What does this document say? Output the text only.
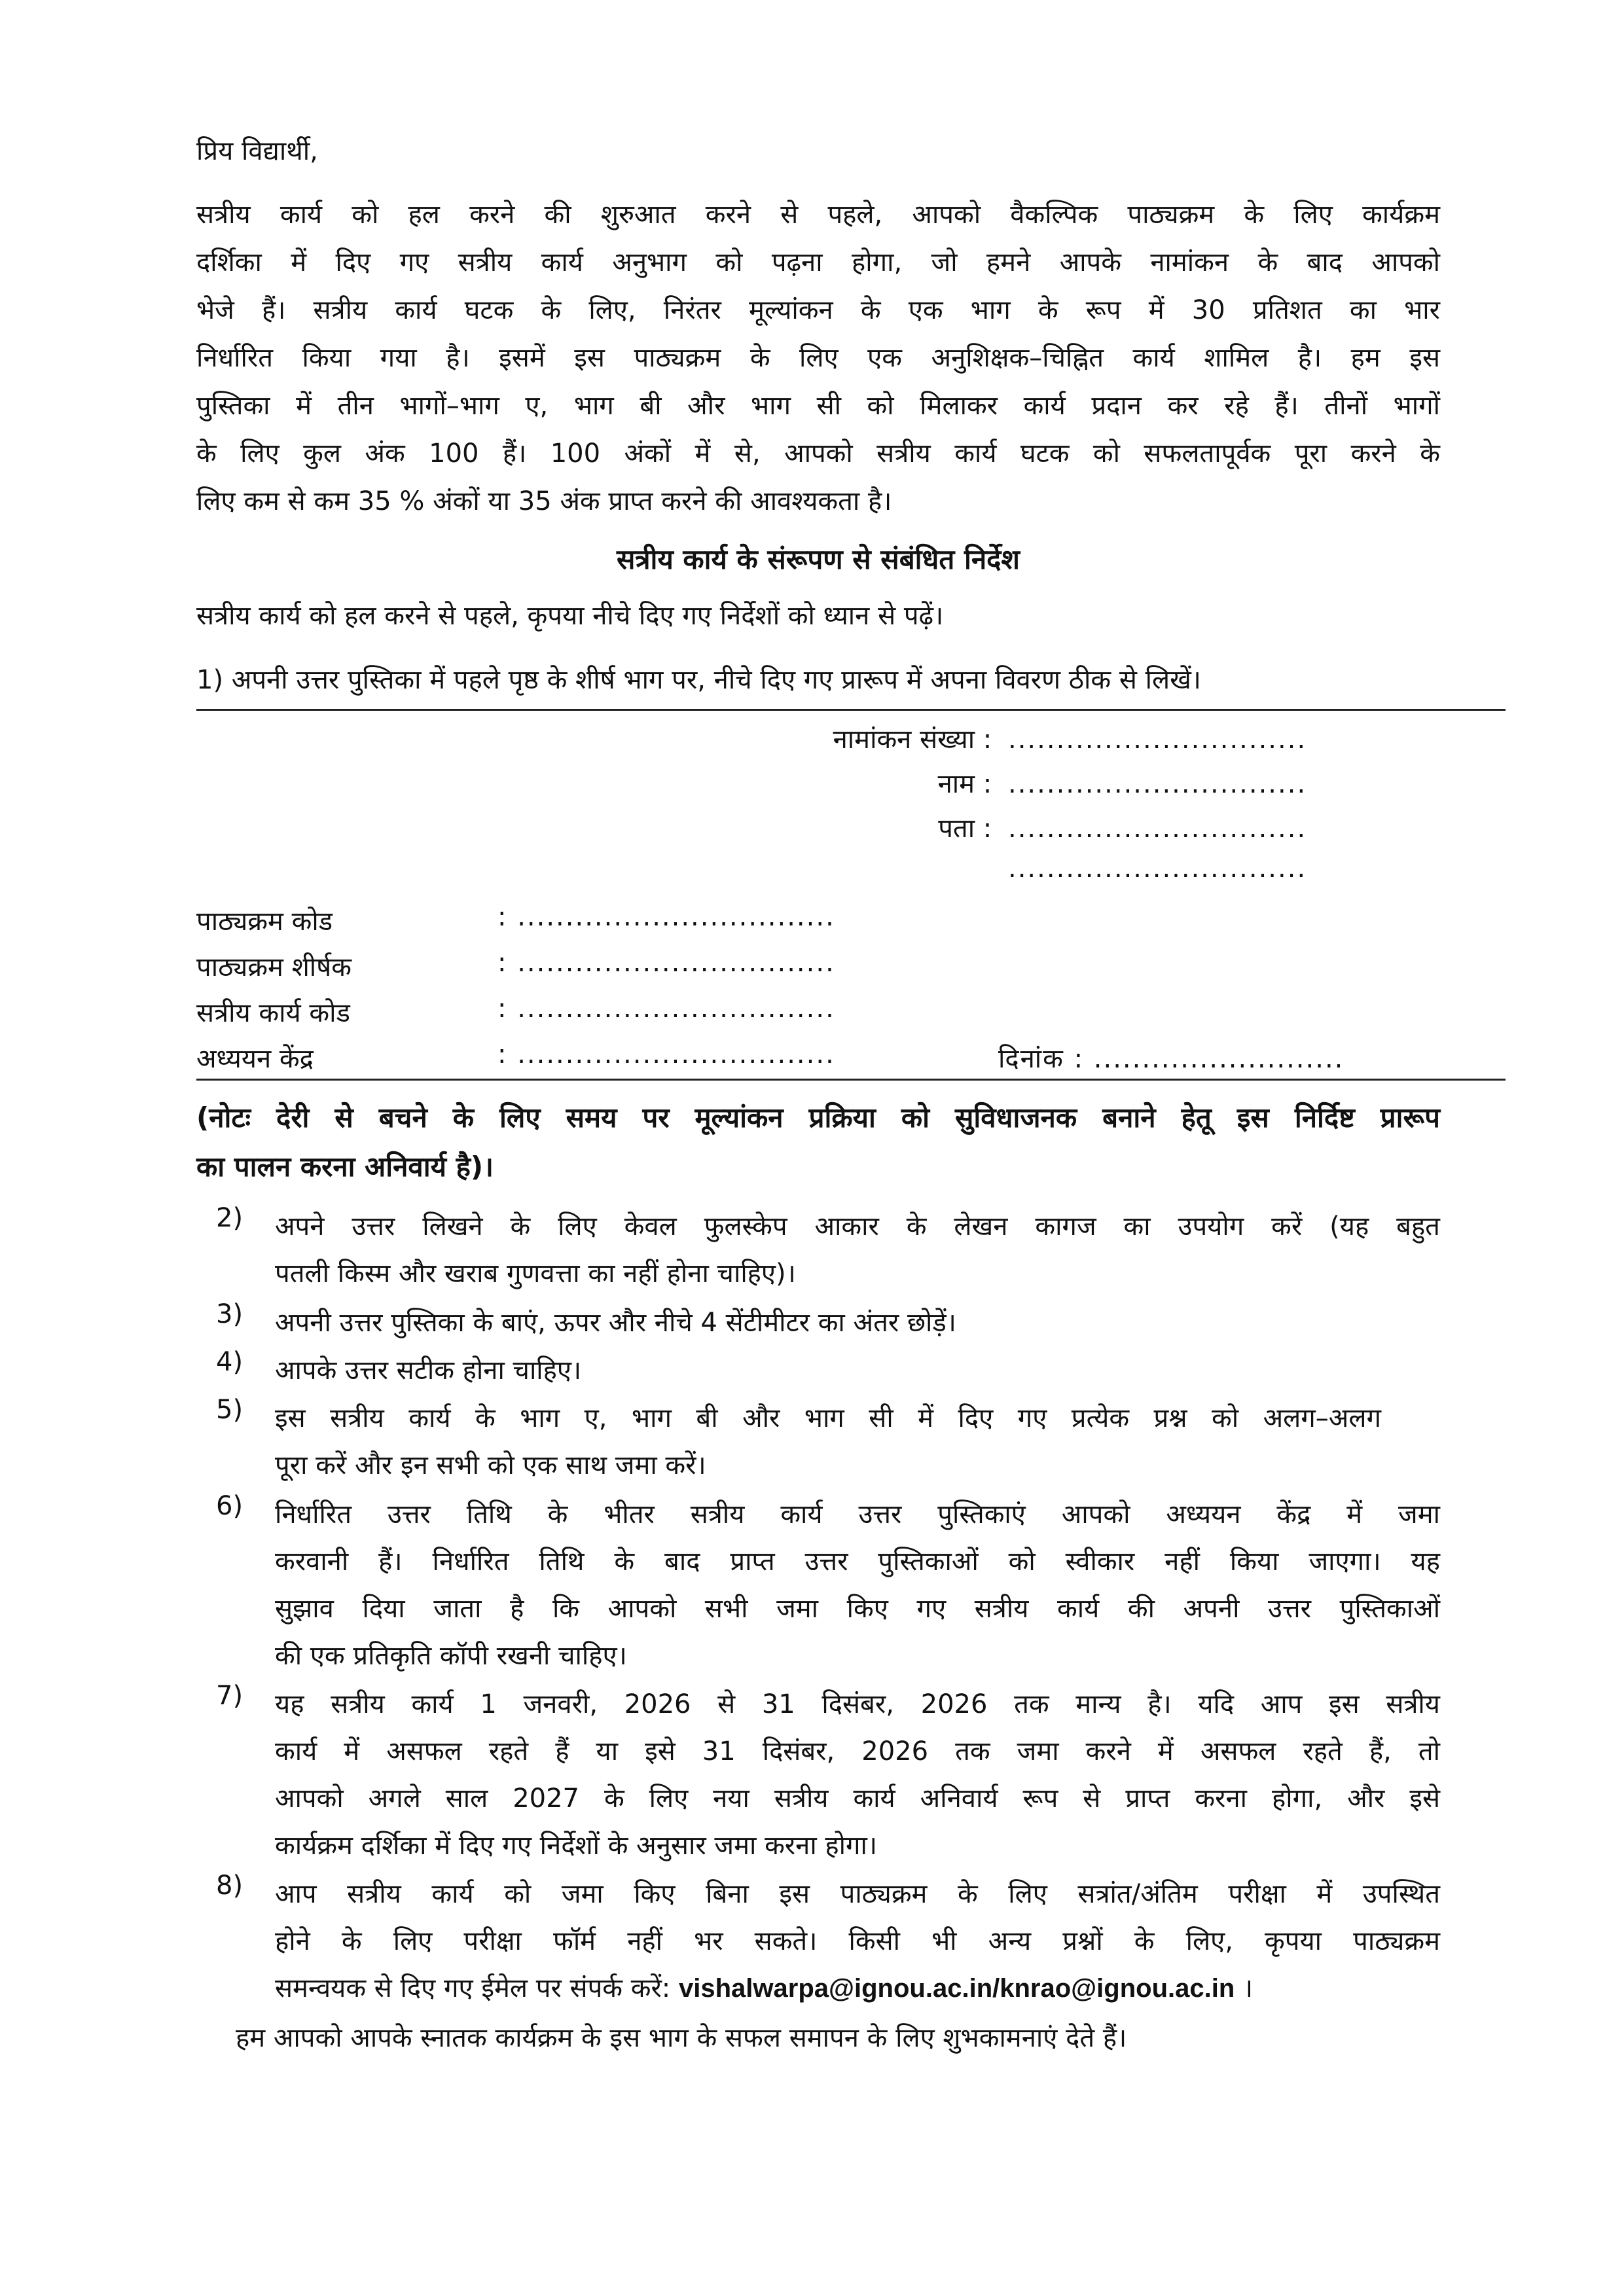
प्रिय विद्यार्थी,
सत्रीय कार्य को हल करने की शुरुआत करने से पहले, आपको वैकल्पिक पाठ्यक्रम के लिए कार्यक्रम
दर्शिका में दिए गए सत्रीय कार्य अनुभाग को पढ़ना होगा, जो हमने आपके नामांकन के बाद आपको
भेजे हैं। सत्रीय कार्य घटक के लिए, निरंतर मूल्यांकन के एक भाग के रूप में 30 प्रतिशत का भार
निर्धारित किया गया है। इसमें इस पाठ्यक्रम के लिए एक अनुशिक्षक–चिह्नित कार्य शामिल है। हम इस
पुस्तिका में तीन भागों–भाग ए, भाग बी और भाग सी को मिलाकर कार्य प्रदान कर रहे हैं। तीनों भागों
के लिए कुल अंक 100 हैं। 100 अंकों में से, आपको सत्रीय कार्य घटक को सफलतापूर्वक पूरा करने के
लिए कम से कम 35 % अंकों या 35 अंक प्राप्त करने की आवश्यकता है।
सत्रीय कार्य के संरूपण से संबंधित निर्देश
सत्रीय कार्य को हल करने से पहले, कृपया नीचे दिए गए निर्देशों को ध्यान से पढ़ें।
1) अपनी उत्तर पुस्तिका में पहले पृष्ठ के शीर्ष भाग पर, नीचे दिए गए प्रारूप में अपना विवरण ठीक से लिखें।
नामांकन संख्या : ...............................
नाम : ...............................
पता : ...............................
...............................
पाठ्यक्रम कोड	: .................................
पाठ्यक्रम शीर्षक	: .................................
सत्रीय कार्य कोड	: .................................
अध्ययन केंद्र	: .................................	दिनांक : ..........................
(नोटः देरी से बचने के लिए समय पर मूल्यांकन प्रक्रिया को सुविधाजनक बनाने हेतू इस निर्दिष्ट प्रारूप
का पालन करना अनिवार्य है)।
2) अपने उत्तर लिखने के लिए केवल फुलस्केप आकार के लेखन कागज का उपयोग करें (यह बहुत
पतली किस्म और खराब गुणवत्ता का नहीं होना चाहिए)।
3) अपनी उत्तर पुस्तिका के बाएं, ऊपर और नीचे 4 सेंटीमीटर का अंतर छोड़ें।
4) आपके उत्तर सटीक होना चाहिए।
5) इस सत्रीय कार्य के भाग ए, भाग बी और भाग सी में दिए गए प्रत्येक प्रश्न को अलग–अलग
पूरा करें और इन सभी को एक साथ जमा करें।
6) निर्धारित उत्तर तिथि के भीतर सत्रीय कार्य उत्तर पुस्तिकाएं आपको अध्ययन केंद्र में जमा
करवानी हैं। निर्धारित तिथि के बाद प्राप्त उत्तर पुस्तिकाओं को स्वीकार नहीं किया जाएगा। यह
सुझाव दिया जाता है कि आपको सभी जमा किए गए सत्रीय कार्य की अपनी उत्तर पुस्तिकाओं
की एक प्रतिकृति कॉपी रखनी चाहिए।
7) यह सत्रीय कार्य 1 जनवरी, 2026 से 31 दिसंबर, 2026 तक मान्य है। यदि आप इस सत्रीय
कार्य में असफल रहते हैं या इसे 31 दिसंबर, 2026 तक जमा करने में असफल रहते हैं, तो
आपको अगले साल 2027 के लिए नया सत्रीय कार्य अनिवार्य रूप से प्राप्त करना होगा, और इसे
कार्यक्रम दर्शिका में दिए गए निर्देशों के अनुसार जमा करना होगा।
8) आप सत्रीय कार्य को जमा किए बिना इस पाठ्यक्रम के लिए सत्रांत/अंतिम परीक्षा में उपस्थित
होने के लिए परीक्षा फॉर्म नहीं भर सकते। किसी भी अन्य प्रश्नों के लिए, कृपया पाठ्यक्रम
समन्वयक से दिए गए ईमेल पर संपर्क करें: vishalwarpa@ignou.ac.in/knrao@ignou.ac.in ।
हम आपको आपके स्नातक कार्यक्रम के इस भाग के सफल समापन के लिए शुभकामनाएं देते हैं।
